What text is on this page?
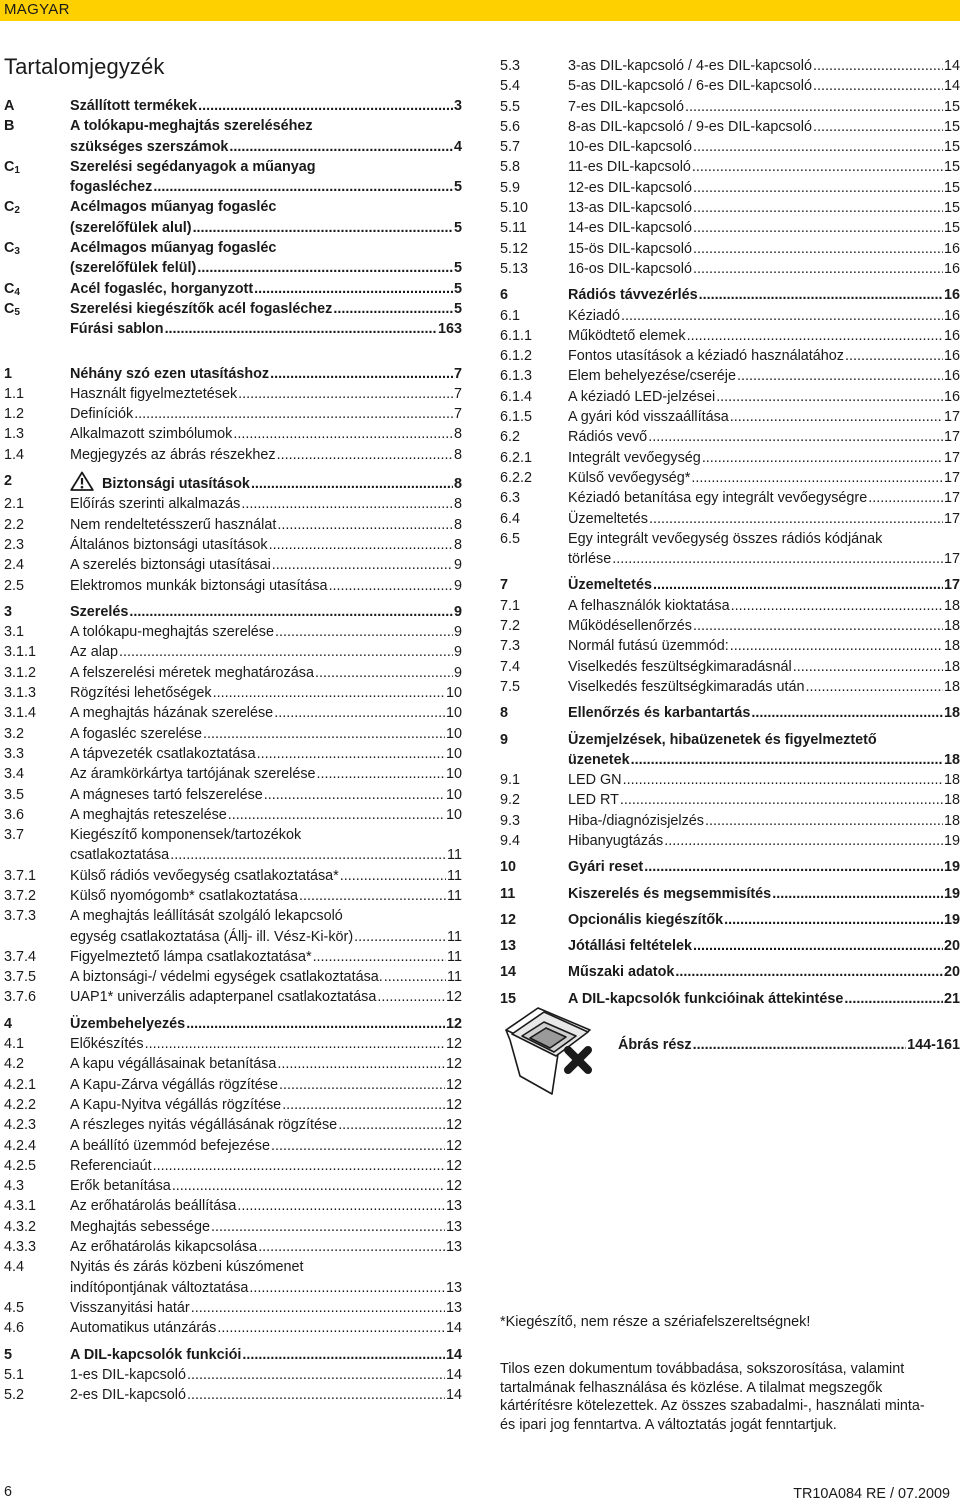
MAGYAR
Tartalomjegyzék
A	Szállított termékek .....	3
B	A tolókapu-meghajtás szereléséhez
szükséges szerszámok .....	4
$C_1$	Szerelési segédanyagok a műanyag
fogasléchez .....	5
$C_2$	Acélmagos műanyag fogasléc
(szerelőfülek alul) .....	5
$C_3$	Acélmagos műanyag fogasléc
(szerelőfülek felül) .....	5
$C_4$	Acél fogasléc, horganyzott .....	5
$C_5$	Szerelési kiegészítők acél fogasléchez .....	5
Fúrási sablon .....	163
1	Néhány szó ezen utasításhoz .....	7
1.1	Használt figyelmeztetések .....	7
1.2	Definíciók .....	7
1.3	Alkalmazott szimbólumok .....	8
1.4	Megjegyzés az ábrás részekhez .....	8
2	Biztonsági utasítások .....	8
2.1	Előírás szerinti alkalmazás .....	8
2.2	Nem rendeltetésszerű használat .....	8
2.3	Általános biztonsági utasítások .....	8
2.4	A szerelés biztonsági utasításai .....	9
2.5	Elektromos munkák biztonsági utasítása .....	9
3	Szerelés .....	9
3.1	A tolókapu-meghajtás szerelése .....	9
3.1.1 Az alap .....	9
3.1.2 A felszerelési méretek meghatározása .....	9
3.1.3 Rögzítési lehetőségek .....	10
3.1.4 A meghajtás házának szerelése .....	10
3.2	A fogasléc szerelése .....	10
3.3	A tápvezeték csatlakoztatása .....	10
3.4	Az áramkörkártya tartójának szerelése .....	10
3.5	A mágneses tartó felszerelése .....	10
3.6	A meghajtás reteszelése .....	10
3.7	Kiegészítő komponensek/tartozékok
csatlakoztatása .....	11
3.7.1 Külső rádiós vevőegység csatlakoztatása* .....	11
3.7.2 Külső nyomógomb* csatlakoztatása .....	11
3.7.3 A meghajtás leállítását szolgáló lekapcsoló
egység csatlakoztatása (Állj- ill. Vész-Ki-kör) .....	11
3.7.4 Figyelmeztető lámpa csatlakoztatása* .....	11
3.7.5 A biztonsági-/ védelmi egységek csatlakoztatása. .....	11
3.7.6 UAP1* univerzális adapterpanel csatlakoztatása .....	12
4	Üzembehelyezés .....	12
4.1	Előkészítés .....	12
4.2	A kapu végállásainak betanítása .....	12
4.2.1 A Kapu-Zárva végállás rögzítése .....	12
4.2.2 A Kapu-Nyitva végállás rögzítése .....	12
4.2.3 A részleges nyitás végállásának rögzítése .....	12
4.2.4 A beállító üzemmód befejezése .....	12
4.2.5 Referenciaút .....	12
4.3	Erők betanítása .....	12
4.3.1 Az erőhatárolás beállítása .....	13
4.3.2 Meghajtás sebessége .....	13
4.3.3 Az erőhatárolás kikapcsolása .....	13
4.4	Nyitás és zárás közbeni kúszómenet
indítópontjának változtatása .....	13
4.5	Visszanyitási határ .....	13
4.6	Automatikus utánzárás .....	14
5	A DIL-kapcsolók funkciói .....	14
5.1	1-es DIL-kapcsoló .....	14
5.2	2-es DIL-kapcsoló .....	14
5.3	3-as DIL-kapcsoló / 4-es DIL-kapcsoló .....	14
5.4	5-as DIL-kapcsoló / 6-es DIL-kapcsoló .....	14
5.5	7-es DIL-kapcsoló .....	15
5.6	8-as DIL-kapcsoló / 9-es DIL-kapcsoló .....	15
5.7	10-es DIL-kapcsoló .....	15
5.8	11-es DIL-kapcsoló .....	15
5.9	12-es DIL-kapcsoló .....	15
5.10	13-as DIL-kapcsoló .....	15
5.11	14-es DIL-kapcsoló .....	15
5.12	15-ös DIL-kapcsoló .....	16
5.13	16-os DIL-kapcsoló .....	16
6	Rádiós távvezérlés .....	16
6.1	Kéziadó .....	16
6.1.1 Működtető elemek .....	16
6.1.2 Fontos utasítások a kéziadó használatához .....	16
6.1.3 Elem behelyezése/cseréje .....	16
6.1.4 A kéziadó LED-jelzései .....	16
6.1.5 A gyári kód visszaállítása .....	17
6.2	Rádiós vevő .....	17
6.2.1 Integrált vevőegység .....	17
6.2.2 Külső vevőegység* .....	17
6.3	Kéziadó betanítása egy integrált vevőegységre .....	17
6.4	Üzemeltetés .....	17
6.5	Egy integrált vevőegység összes rádiós kódjának
törlése .....	17
7	Üzemeltetés .....	17
7.1	A felhasználók kioktatása .....	18
7.2	Működésellenőrzés .....	18
7.3	Normál futású üzemmód: .....	18
7.4	Viselkedés feszültségkimaradásnál .....	18
7.5	Viselkedés feszültségkimaradás után .....	18
8	Ellenőrzés és karbantartás .....	18
9	Üzemjelzések, hibaüzenetek és figyelmeztető
üzenetek .....	18
9.1	LED GN .....	18
9.2	LED RT .....	18
9.3	Hiba-/diagnózisjelzés .....	18
9.4	Hibanyugtázás .....	19
10	Gyári reset .....	19
11	Kiszerelés és megsemmisítés .....	19
12	Opcionális kiegészítők .....	19
13	Jótállási feltételek .....	20
14	Műszaki adatok .....	20
15	A DIL-kapcsolók funkcióinak áttekintése .....	21
Ábrás rész .....	144-161
*Kiegészítő, nem része a szériafelszereltségnek!
Tilos ezen dokumentum továbbadása, sokszorosítása, valamint tartalmának felhasználása és közlése. A tilalmat megszegők kártérítésre kötelezettek. Az összes szabadalmi-, használati minta- és ipari jog fenntartva. A változtatás jogát fenntartjuk.
6	TR10A084 RE / 07.2009
